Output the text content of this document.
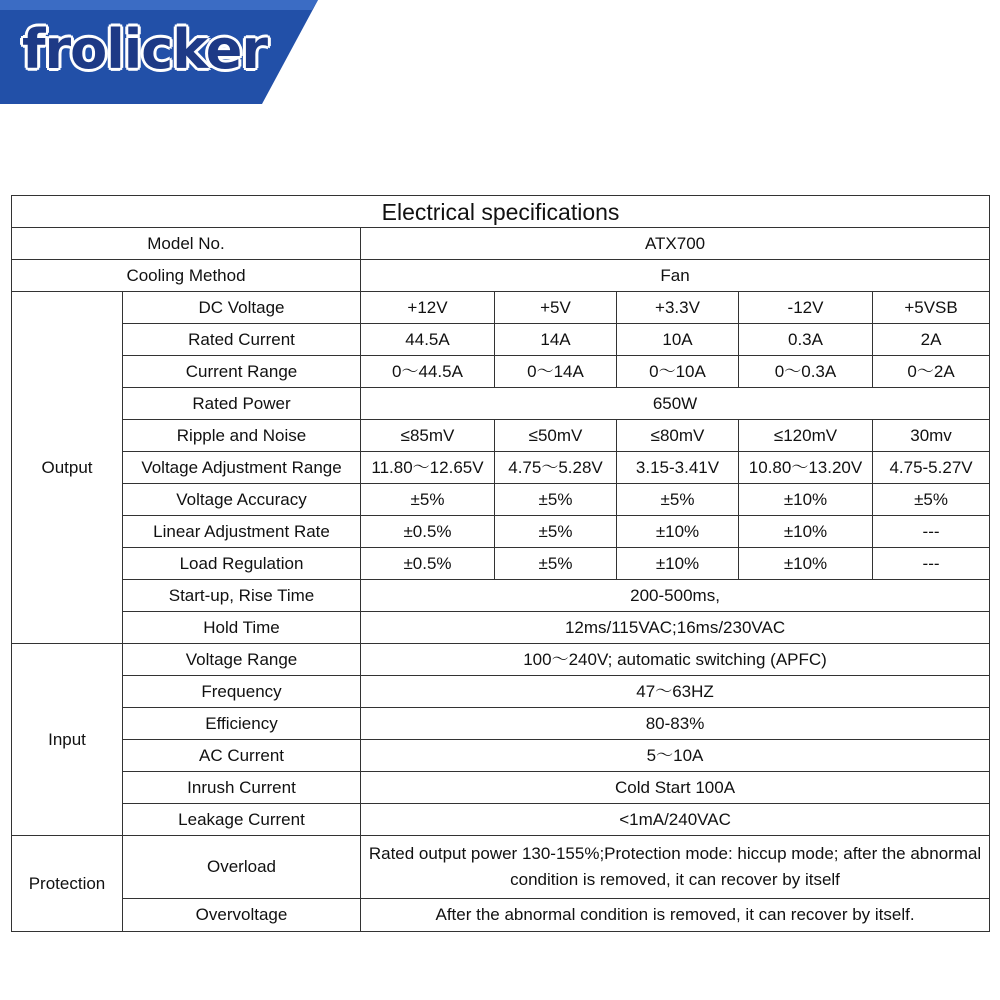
frolicker
Electrical specifications						
Model No.		ATX700				
Cooling Method		Fan				
Output	DC Voltage	+12V	+5V	+3.3V	-12V	+5VSB
	Rated Current	44.5A	14A	10A	0.3A	2A
	Current Range	0～44.5A	0～14A	0～10A	0～0.3A	0～2A
	Rated Power	650W				
	Ripple and Noise	≤85mV	≤50mV	≤80mV	≤120mV	30mv
	Voltage Adjustment Range	11.80～12.65V	4.75～5.28V	3.15-3.41V	10.80～13.20V	4.75-5.27V
	Voltage Accuracy	±5%	±5%	±5%	±10%	±5%
	Linear Adjustment Rate	±0.5%	±5%	±10%	±10%	---
	Load Regulation	±0.5%	±5%	±10%	±10%	---
	Start-up, Rise Time	200-500ms,				
	Hold Time	12ms/115VAC;16ms/230VAC				
Input	Voltage Range	100～240V; automatic switching (APFC)				
	Frequency	47～63HZ				
	Efficiency	80-83%				
	AC Current	5～10A				
	Inrush Current	Cold Start 100A				
	Leakage Current	<1mA/240VAC				
Protection	Overload	Rated output power 130-155%;Protection mode: hiccup mode; after the abnormal condition is removed, it can recover by itself				
	Overvoltage	After the abnormal condition is removed, it can recover by itself.				
